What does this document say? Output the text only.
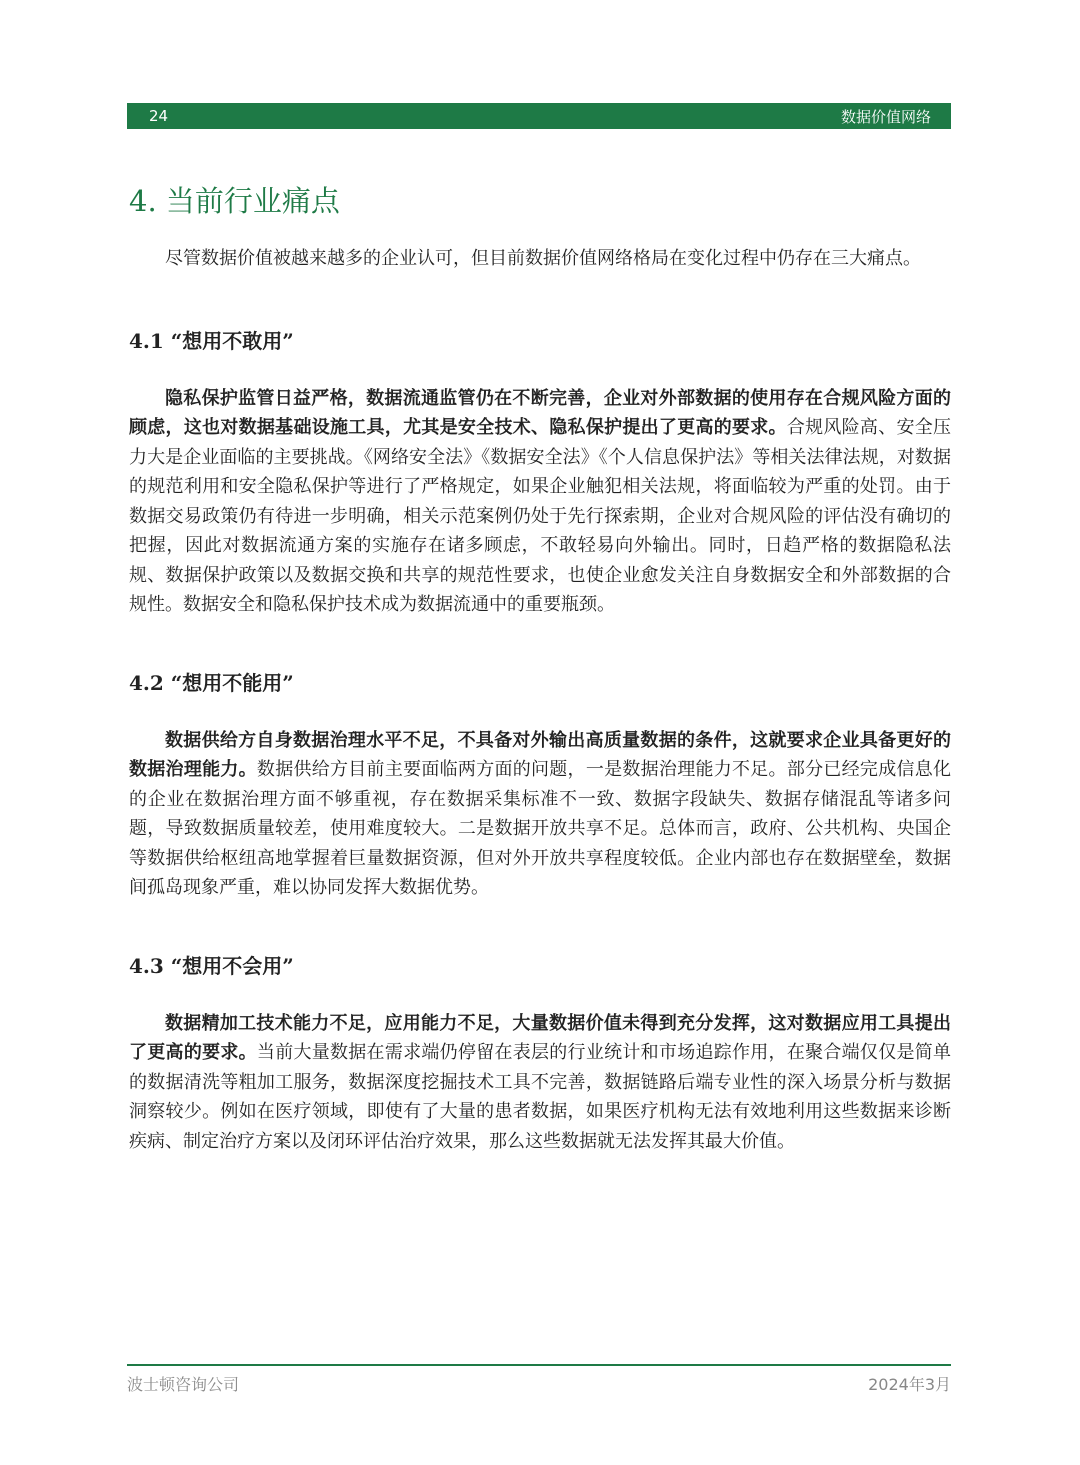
24	数据价值网络
4. 当前行业痛点

尽管数据价值被越来越多的企业认可，但目前数据价值网络格局在变化过程中仍存在三大痛点。

4.1 “想用不敢用”

隐私保护监管日益严格，数据流通监管仍在不断完善，企业对外部数据的使用存在合规风险方面的顾虑，这也对数据基础设施工具，尤其是安全技术、隐私保护提出了更高的要求。合规风险高、安全压力大是企业面临的主要挑战。《网络安全法》《数据安全法》《个人信息保护法》等相关法律法规，对数据的规范利用和安全隐私保护等进行了严格规定，如果企业触犯相关法规，将面临较为严重的处罚。由于数据交易政策仍有待进一步明确，相关示范案例仍处于先行探索期，企业对合规风险的评估没有确切的把握，因此对数据流通方案的实施存在诸多顾虑，不敢轻易向外输出。同时，日趋严格的数据隐私法规、数据保护政策以及数据交换和共享的规范性要求，也使企业愈发关注自身数据安全和外部数据的合规性。数据安全和隐私保护技术成为数据流通中的重要瓶颈。

4.2 “想用不能用”

数据供给方自身数据治理水平不足，不具备对外输出高质量数据的条件，这就要求企业具备更好的数据治理能力。数据供给方目前主要面临两方面的问题，一是数据治理能力不足。部分已经完成信息化的企业在数据治理方面不够重视，存在数据采集标准不一致、数据字段缺失、数据存储混乱等诸多问题，导致数据质量较差，使用难度较大。二是数据开放共享不足。总体而言，政府、公共机构、央国企等数据供给枢纽高地掌握着巨量数据资源，但对外开放共享程度较低。企业内部也存在数据壁垒，数据间孤岛现象严重，难以协同发挥大数据优势。

4.3 “想用不会用”

数据精加工技术能力不足，应用能力不足，大量数据价值未得到充分发挥，这对数据应用工具提出了更高的要求。当前大量数据在需求端仍停留在表层的行业统计和市场追踪作用，在聚合端仅仅是简单的数据清洗等粗加工服务，数据深度挖掘技术工具不完善，数据链路后端专业性的深入场景分析与数据洞察较少。例如在医疗领域，即使有了大量的患者数据，如果医疗机构无法有效地利用这些数据来诊断疾病、制定治疗方案以及闭环评估治疗效果，那么这些数据就无法发挥其最大价值。

波士顿咨询公司	2024年3月
